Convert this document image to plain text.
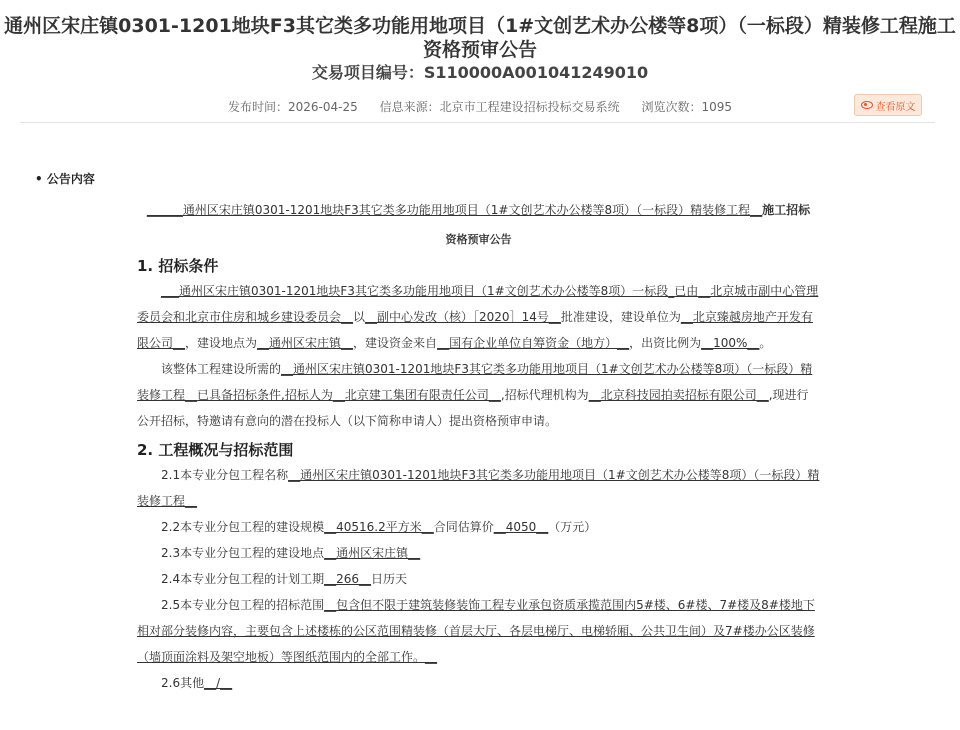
通州区宋庄镇0301-1201地块F3其它类多功能用地项目（1#文创艺术办公楼等8项）（一标段）精装修工程施工
资格预审公告
交易项目编号：S110000A001041249010
发布时间：2026-04-25 信息来源：北京市工程建设招标投标交易系统 浏览次数：1095	查看原文
• 公告内容
______通州区宋庄镇0301-1201地块F3其它类多功能用地项目（1#文创艺术办公楼等8项）（一标段）精装修工程__施工招标
资格预审公告
1. 招标条件

___通州区宋庄镇0301-1201地块F3其它类多功能用地项目（1#文创艺术办公楼等8项）一标段_已由__北京城市副中心管理委员会和北京市住房和城乡建设委员会__以__副中心发改（核）［2020］14号__批准建设，建设单位为__北京臻越房地产开发有限公司__，建设地点为__通州区宋庄镇__，建设资金来自__国有企业单位自筹资金（地方）__，出资比例为__100%__。

该整体工程建设所需的__通州区宋庄镇0301-1201地块F3其它类多功能用地项目（1#文创艺术办公楼等8项）（一标段）精装修工程__已具备招标条件,招标人为__北京建工集团有限责任公司__,招标代理机构为__北京科技园拍卖招标有限公司__,现进行公开招标，特邀请有意向的潜在投标人（以下简称申请人）提出资格预审申请。

2. 工程概况与招标范围

2.1本专业分包工程名称__通州区宋庄镇0301-1201地块F3其它类多功能用地项目（1#文创艺术办公楼等8项）（一标段）精装修工程__

2.2本专业分包工程的建设规模__40516.2平方米__合同估算价__4050__（万元）

2.3本专业分包工程的建设地点__通州区宋庄镇__

2.4本专业分包工程的计划工期__266__日历天

2.5本专业分包工程的招标范围__包含但不限于建筑装修装饰工程专业承包资质承揽范围内5#楼、6#楼、7#楼及8#楼地下相对部分装修内容，主要包含上述楼栋的公区范围精装修（首层大厅、各层电梯厅、电梯轿厢、公共卫生间）及7#楼办公区装修（墙顶面涂料及架空地板）等图纸范围内的全部工作。__

2.6其他__/__
